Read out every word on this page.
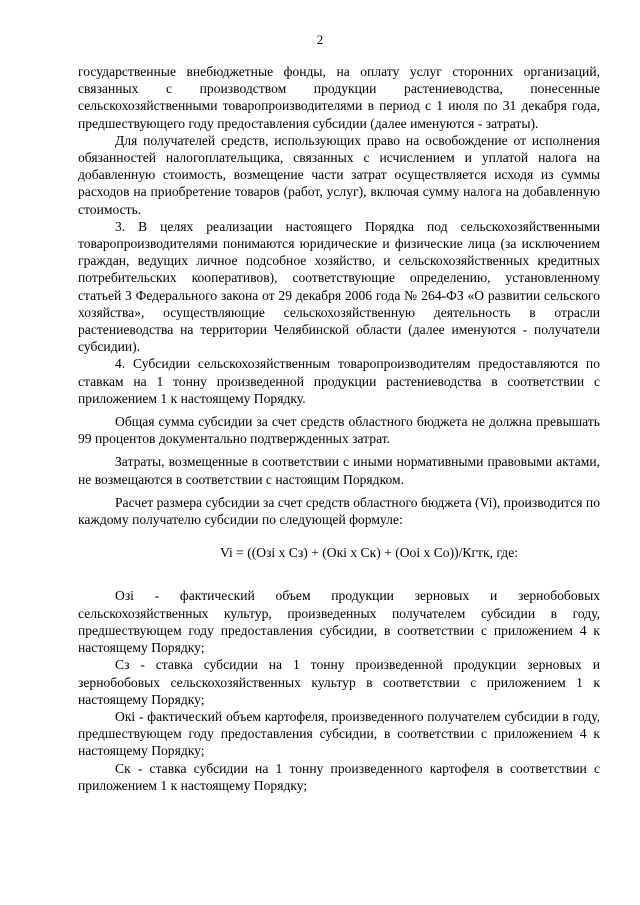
2

государственные внебюджетные фонды, на оплату услуг сторонних организаций, связанных с производством продукции растениеводства, понесенные сельскохозяйственными товаропроизводителями в период с 1 июля по 31 декабря года, предшествующего году предоставления субсидии (далее именуются - затраты).

Для получателей средств, использующих право на освобождение от исполнения обязанностей налогоплательщика, связанных с исчислением и уплатой налога на добавленную стоимость, возмещение части затрат осуществляется исходя из суммы расходов на приобретение товаров (работ, услуг), включая сумму налога на добавленную стоимость.

3. В целях реализации настоящего Порядка под сельскохозяйственными товаропроизводителями понимаются юридические и физические лица (за исключением граждан, ведущих личное подсобное хозяйство, и сельскохозяйственных кредитных потребительских кооперативов), соответствующие определению, установленному статьей 3 Федерального закона от 29 декабря 2006 года № 264-ФЗ «О развитии сельского хозяйства», осуществляющие сельскохозяйственную деятельность в отрасли растениеводства на территории Челябинской области (далее именуются - получатели субсидии).

4. Субсидии сельскохозяйственным товаропроизводителям предоставляются по ставкам на 1 тонну произведенной продукции растениеводства в соответствии с приложением 1 к настоящему Порядку.

Общая сумма субсидии за счет средств областного бюджета не должна превышать 99 процентов документально подтвержденных затрат.

Затраты, возмещенные в соответствии с иными нормативными правовыми актами, не возмещаются в соответствии с настоящим Порядком.

Расчет размера субсидии за счет средств областного бюджета (Vi), производится по каждому получателю субсидии по следующей формуле:

Vi = ((Озi x Сз) + (Окi x Ск) + (Ооi x Со))/Кгтк, где:

Озi - фактический объем продукции зерновых и зернобобовых сельскохозяйственных культур, произведенных получателем субсидии в году, предшествующем году предоставления субсидии, в соответствии с приложением 4 к настоящему Порядку;

Сз - ставка субсидии на 1 тонну произведенной продукции зерновых и зернобобовых сельскохозяйственных культур в соответствии с приложением 1 к настоящему Порядку;

Окi - фактический объем картофеля, произведенного получателем субсидии в году, предшествующем году предоставления субсидии, в соответствии с приложением 4 к настоящему Порядку;

Ск - ставка субсидии на 1 тонну произведенного картофеля в соответствии с приложением 1 к настоящему Порядку;
